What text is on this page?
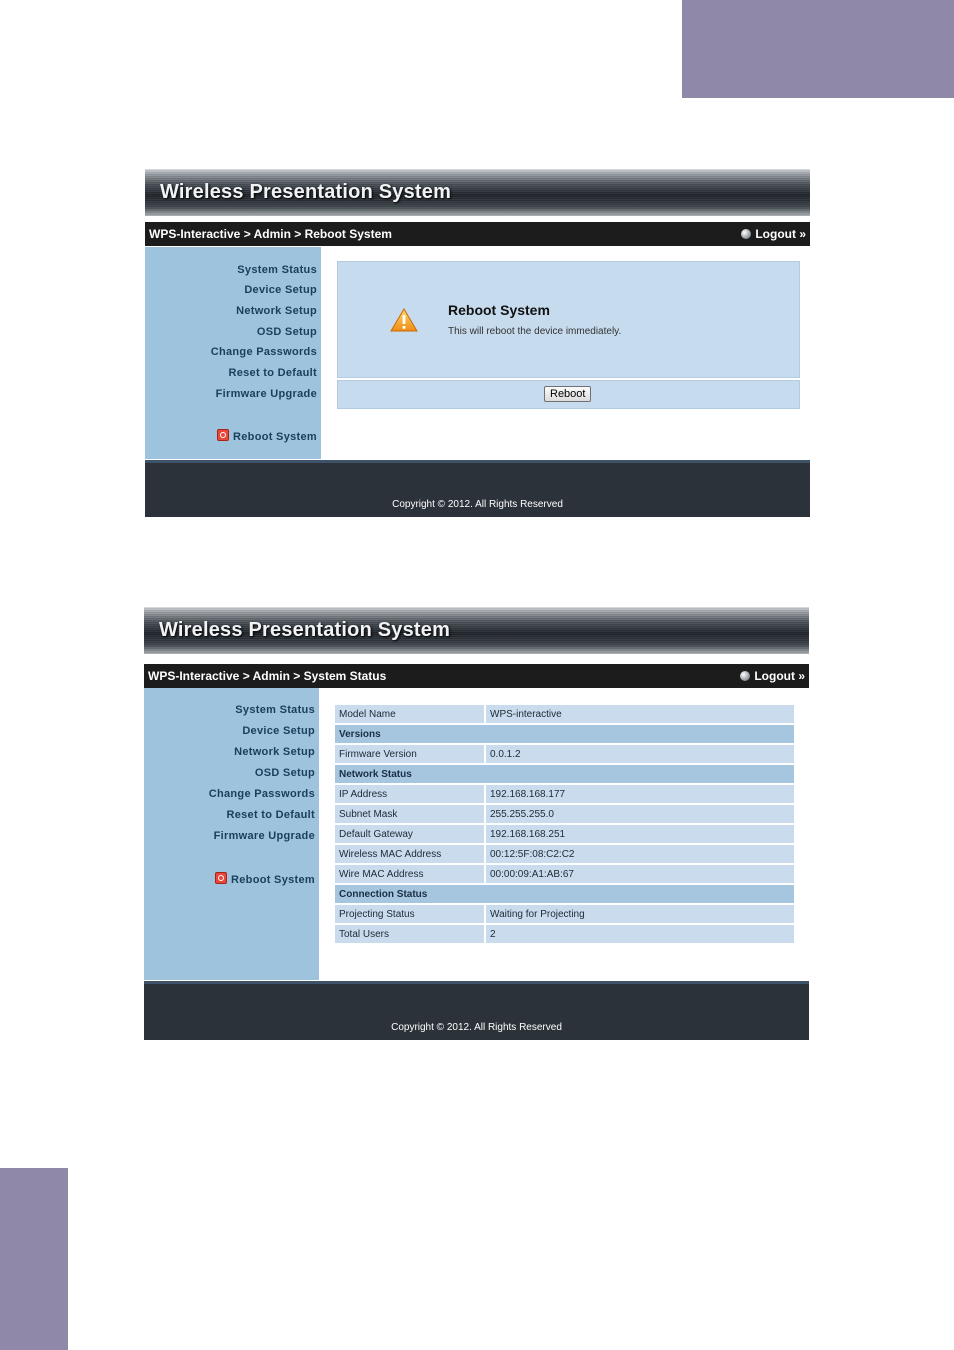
Wireless Presentation System
WPS-Interactive > Admin > Reboot System	Logout »
System Status
Device Setup
Network Setup
OSD Setup
Change Passwords
Reset to Default
Firmware Upgrade
Reboot System
Reboot System
This will reboot the device immediately.
Reboot
Copyright © 2012. All Rights Reserved
Wireless Presentation System
WPS-Interactive > Admin > System Status	Logout »
System Status
Device Setup
Network Setup
OSD Setup
Change Passwords
Reset to Default
Firmware Upgrade
Reboot System
Model Name	WPS-interactive
Versions	
Firmware Version	0.0.1.2
Network Status	
IP Address	192.168.168.177
Subnet Mask	255.255.255.0
Default Gateway	192.168.168.251
Wireless MAC Address	00:12:5F:08:C2:C2
Wire MAC Address	00:00:09:A1:AB:67
Connection Status	
Projecting Status	Waiting for Projecting
Total Users	2
Copyright © 2012. All Rights Reserved
